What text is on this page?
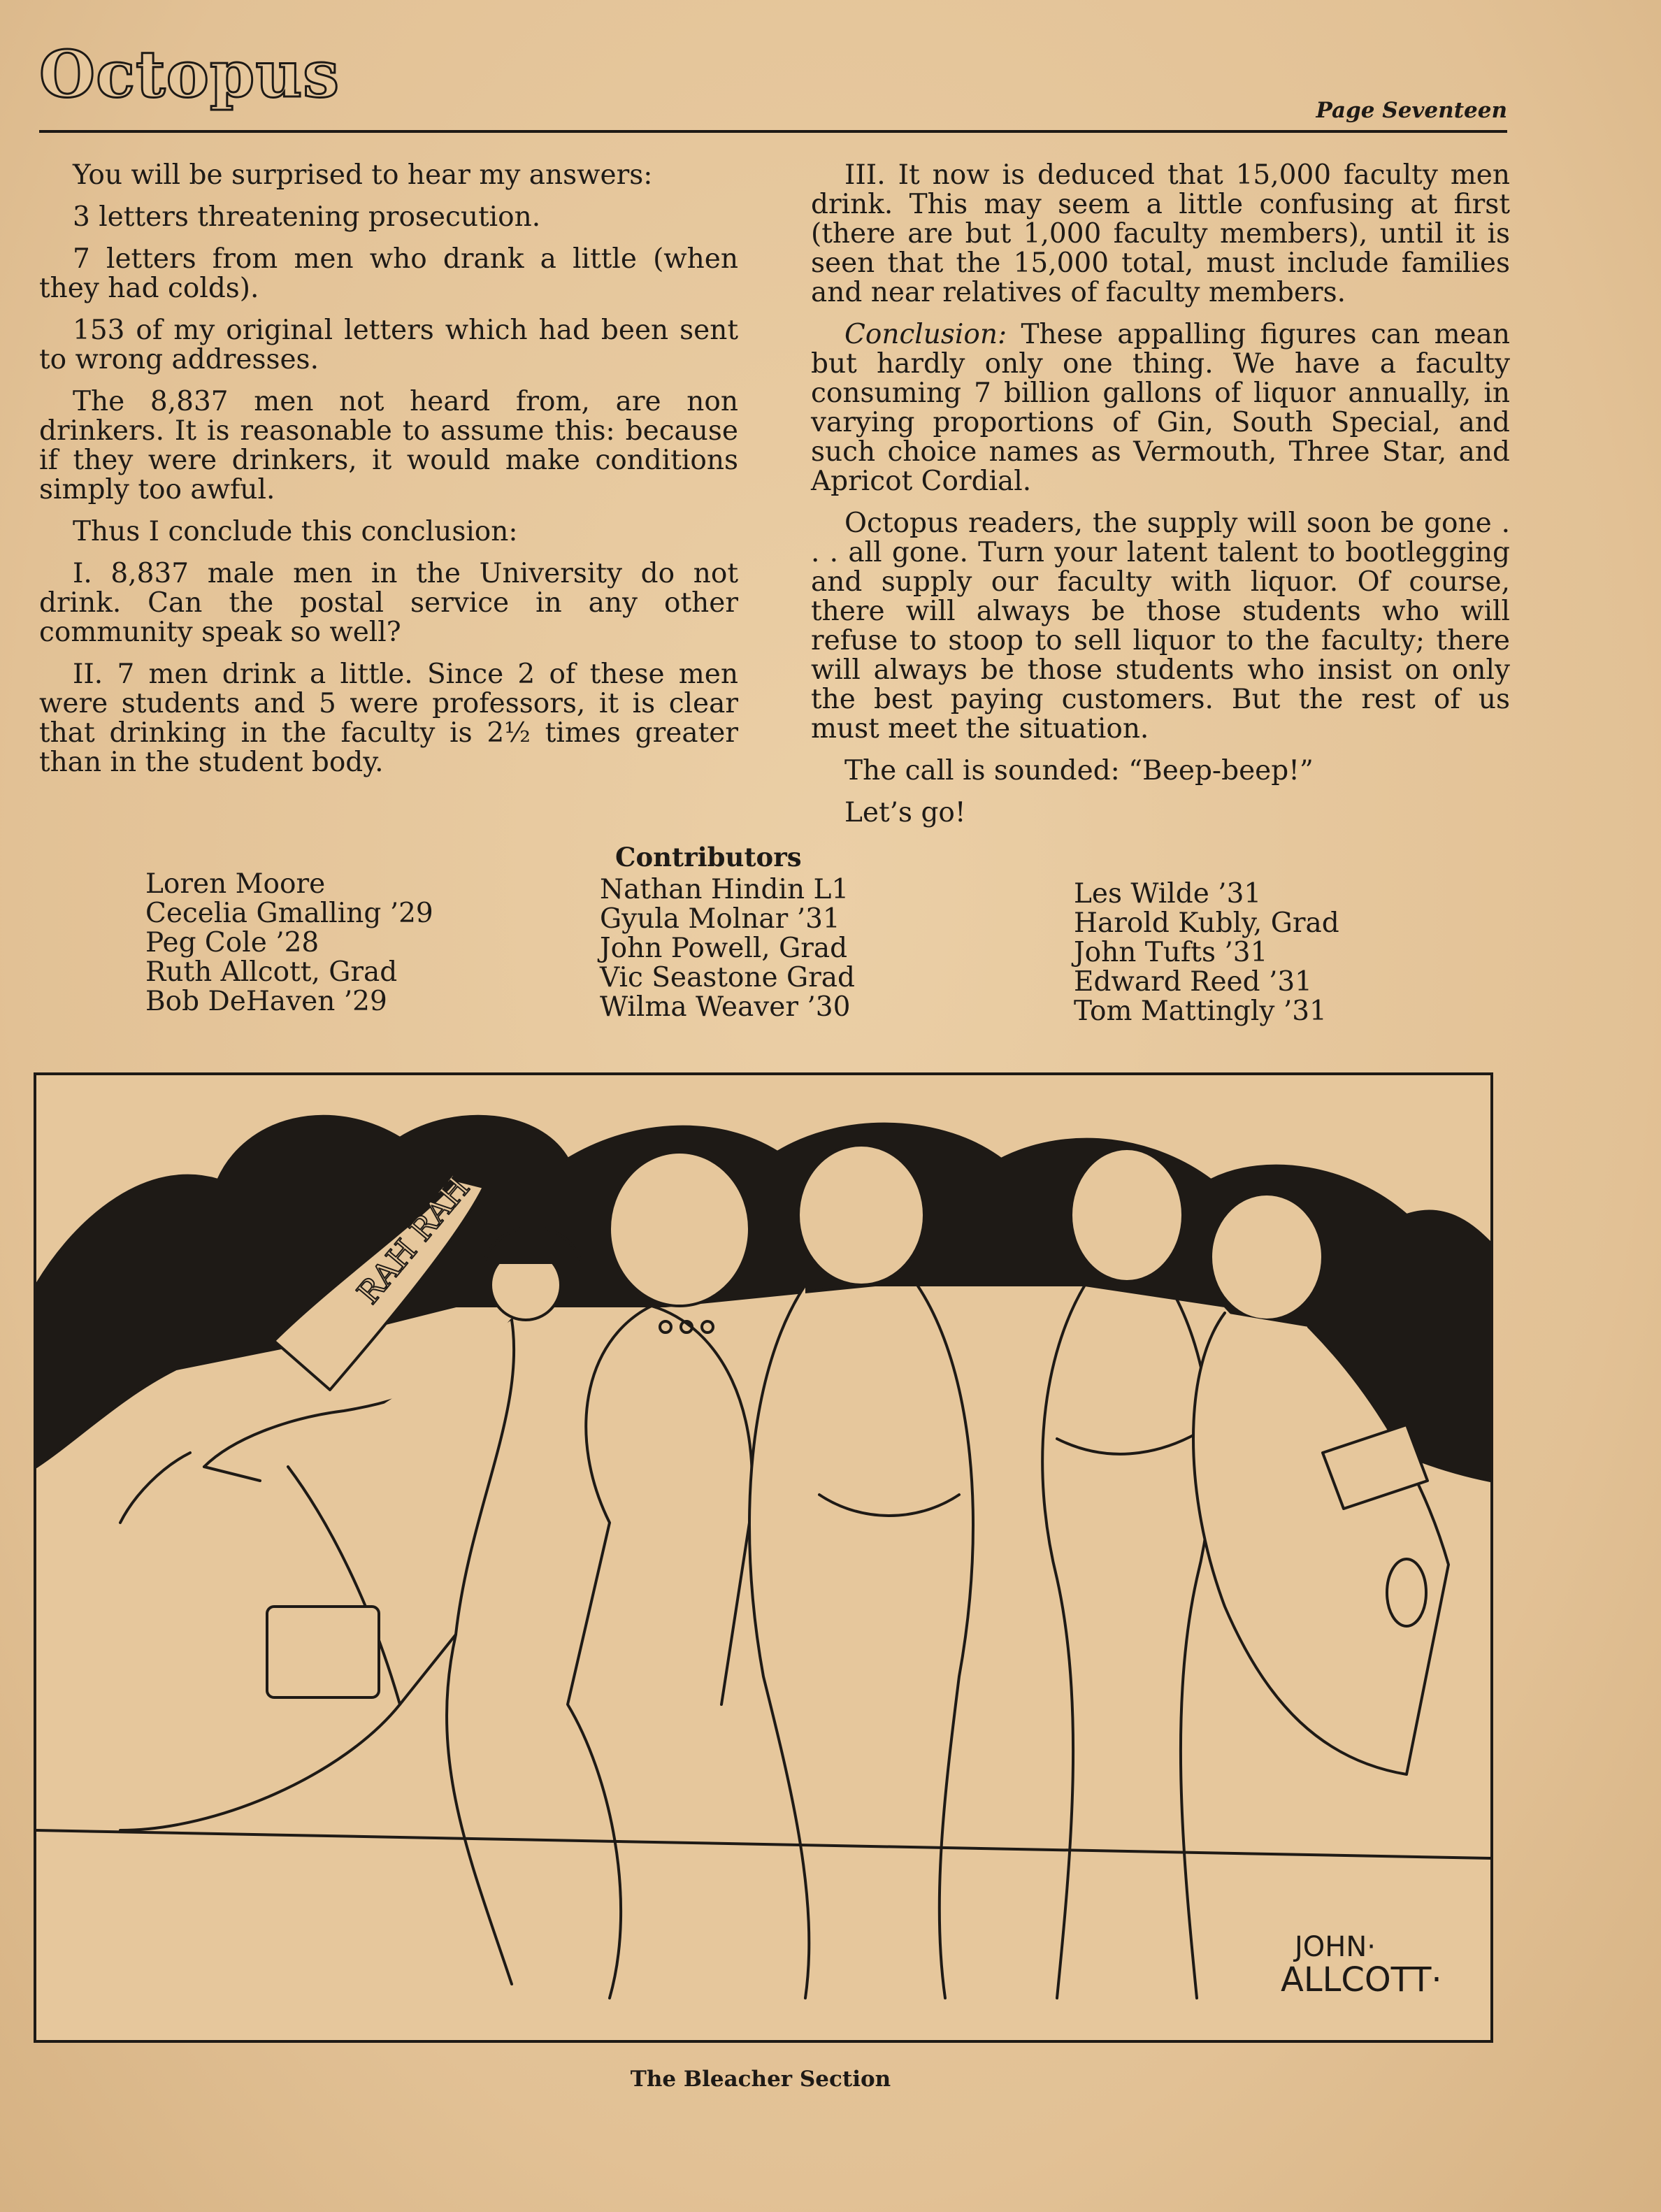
Octopus	Page Seventeen

You will be surprised to hear my answers:

3 letters threatening prosecution.

7 letters from men who drank a little (when they had colds).

153 of my original letters which had been sent to wrong addresses.

The 8,837 men not heard from, are non drinkers. It is reasonable to assume this: because if they were drinkers, it would make conditions simply too awful.

Thus I conclude this conclusion:

I. 8,837 male men in the University do not drink. Can the postal service in any other community speak so well?

II. 7 men drink a little. Since 2 of these men were students and 5 were professors, it is clear that drinking in the faculty is 2½ times greater than in the student body.

III. It now is deduced that 15,000 faculty men drink. This may seem a little confusing at first (there are but 1,000 faculty members), until it is seen that the 15,000 total, must include families and near relatives of faculty members.

Conclusion: These appalling figures can mean but hardly only one thing. We have a faculty consuming 7 billion gallons of liquor annually, in varying proportions of Gin, South Special, and such choice names as Vermouth, Three Star, and Apricot Cordial.

Octopus readers, the supply will soon be gone . . . all gone. Turn your latent talent to bootlegging and supply our faculty with liquor. Of course, there will always be those students who will refuse to stoop to sell liquor to the faculty; there will always be those students who insist on only the best paying customers. But the rest of us must meet the situation.

The call is sounded: “Beep-beep!”

Let’s go!

Contributors
Loren Moore
Cecelia Gmalling ’29
Peg Cole ’28
Ruth Allcott, Grad
Bob DeHaven ’29
Nathan Hindin L1
Gyula Molnar ’31
John Powell, Grad
Vic Seastone Grad
Wilma Weaver ’30
Les Wilde ’31
Harold Kubly, Grad
John Tufts ’31
Edward Reed ’31
Tom Mattingly ’31
RAH RAH
JOHN·
ALLCOTT·
The Bleacher Section
